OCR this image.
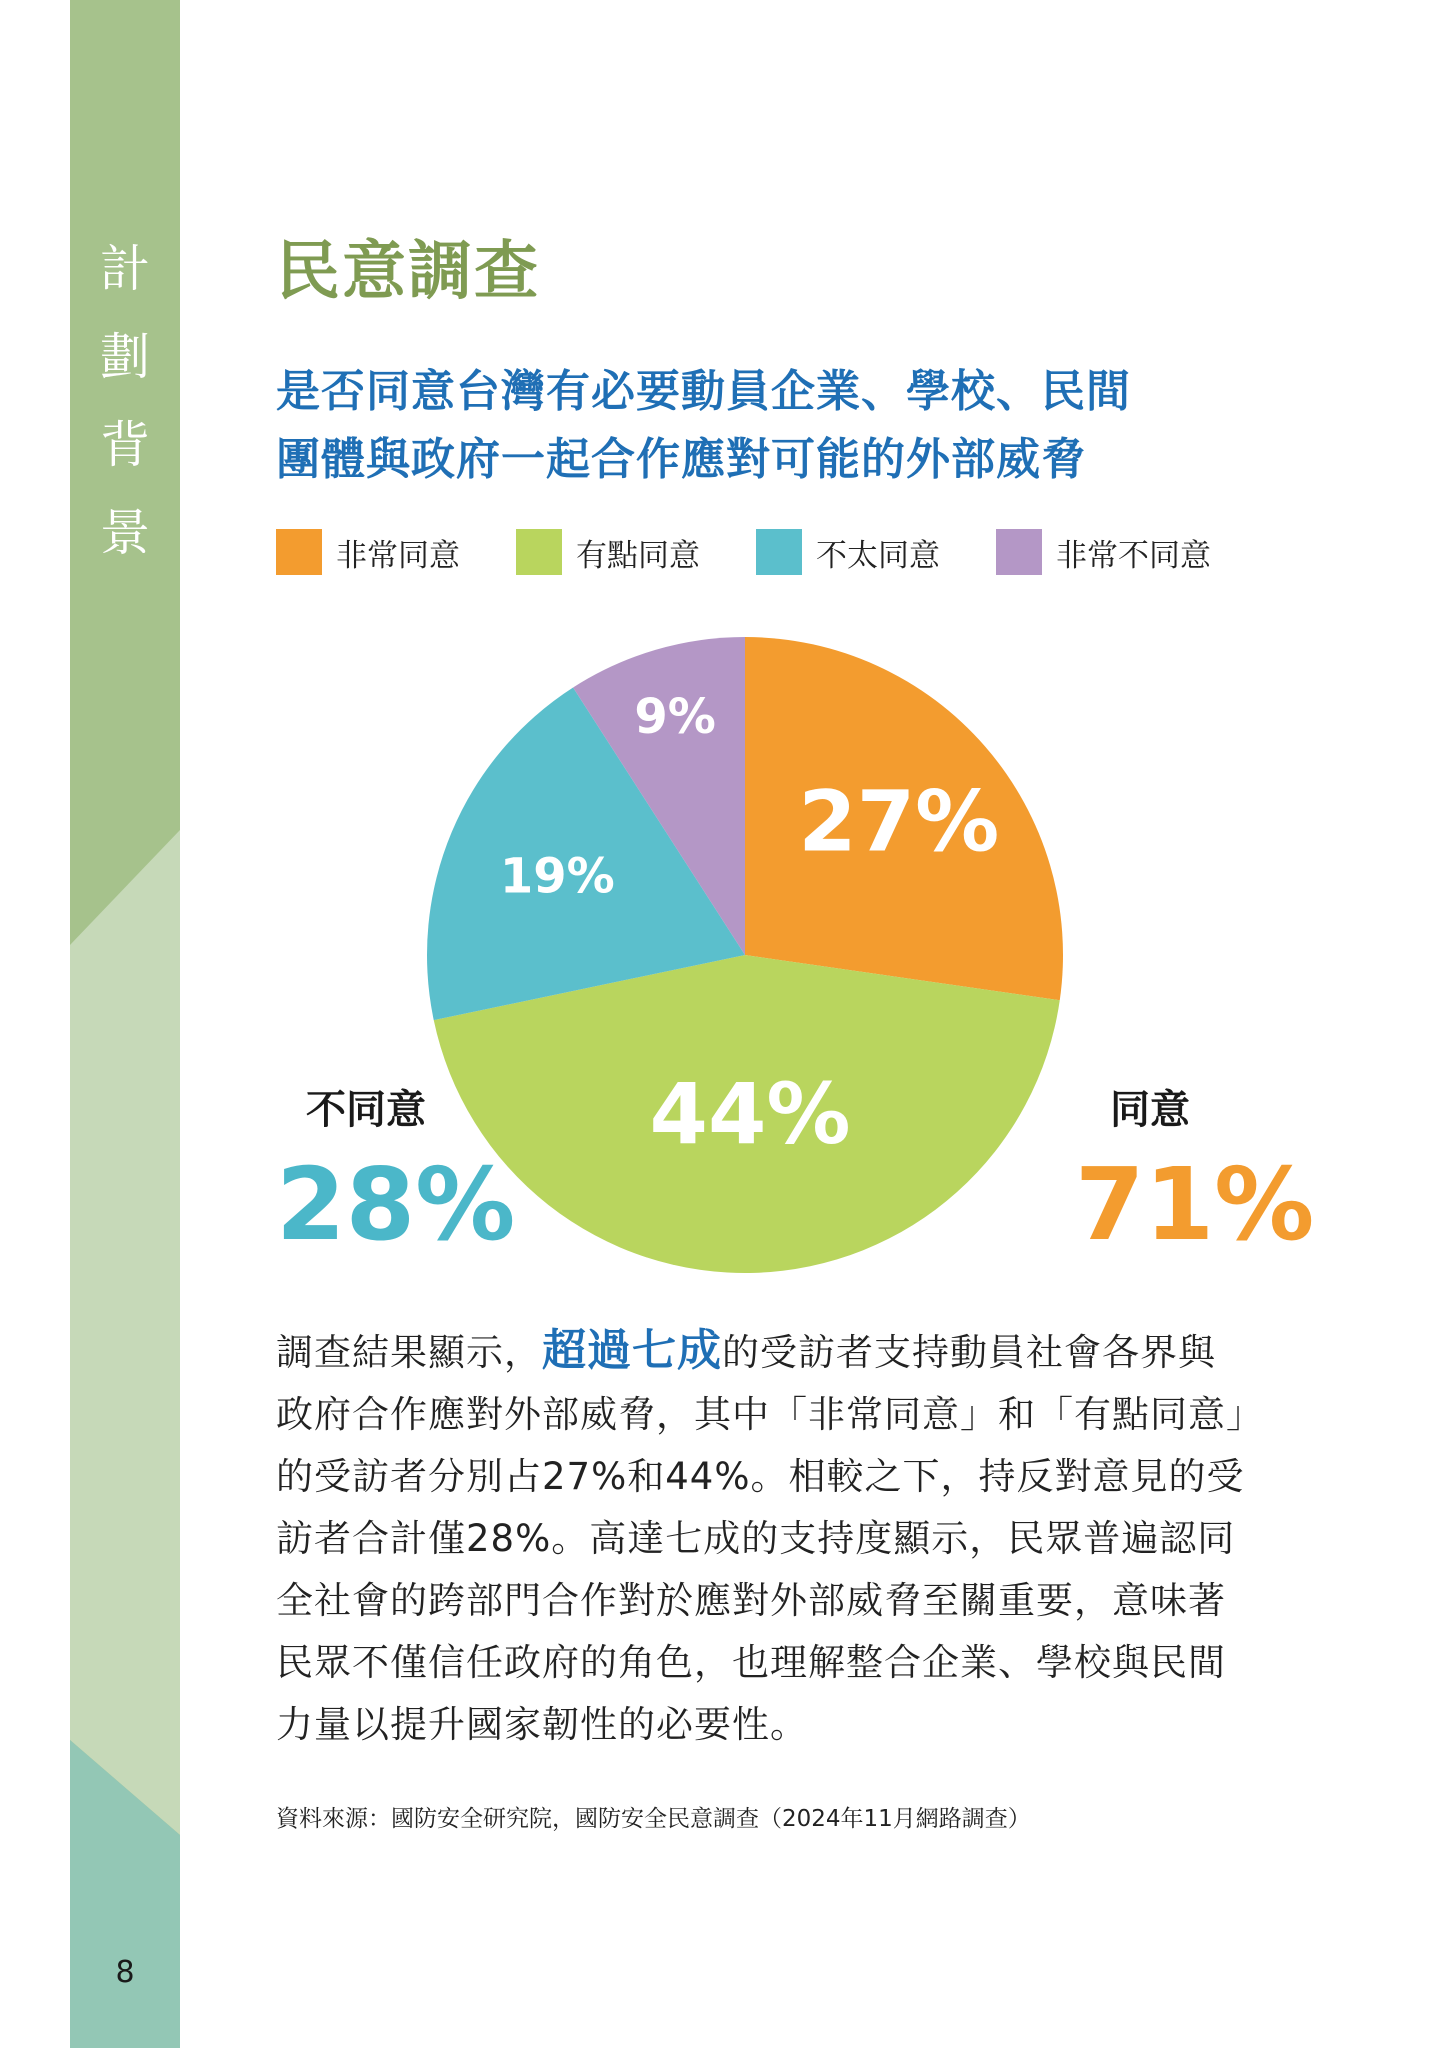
計
劃
背
景
8
民意調查
是否同意台灣有必要動員企業、學校、民間
團體與政府一起合作應對可能的外部威脅
非常同意	有點同意	不太同意	非常不同意
27%
44%
19%
9%
不同意
28%
同意
71%
調查結果顯示，超過七成的受訪者支持動員社會各界與政府合作應對外部威脅，其中「非常同意」和「有點同意」的受訪者分別占27%和44%。相較之下，持反對意見的受訪者合計僅28%。高達七成的支持度顯示，民眾普遍認同全社會的跨部門合作對於應對外部威脅至關重要，意味著民眾不僅信任政府的角色，也理解整合企業、學校與民間力量以提升國家韌性的必要性。
資料來源：國防安全研究院，國防安全民意調查（2024年11月網路調查）
